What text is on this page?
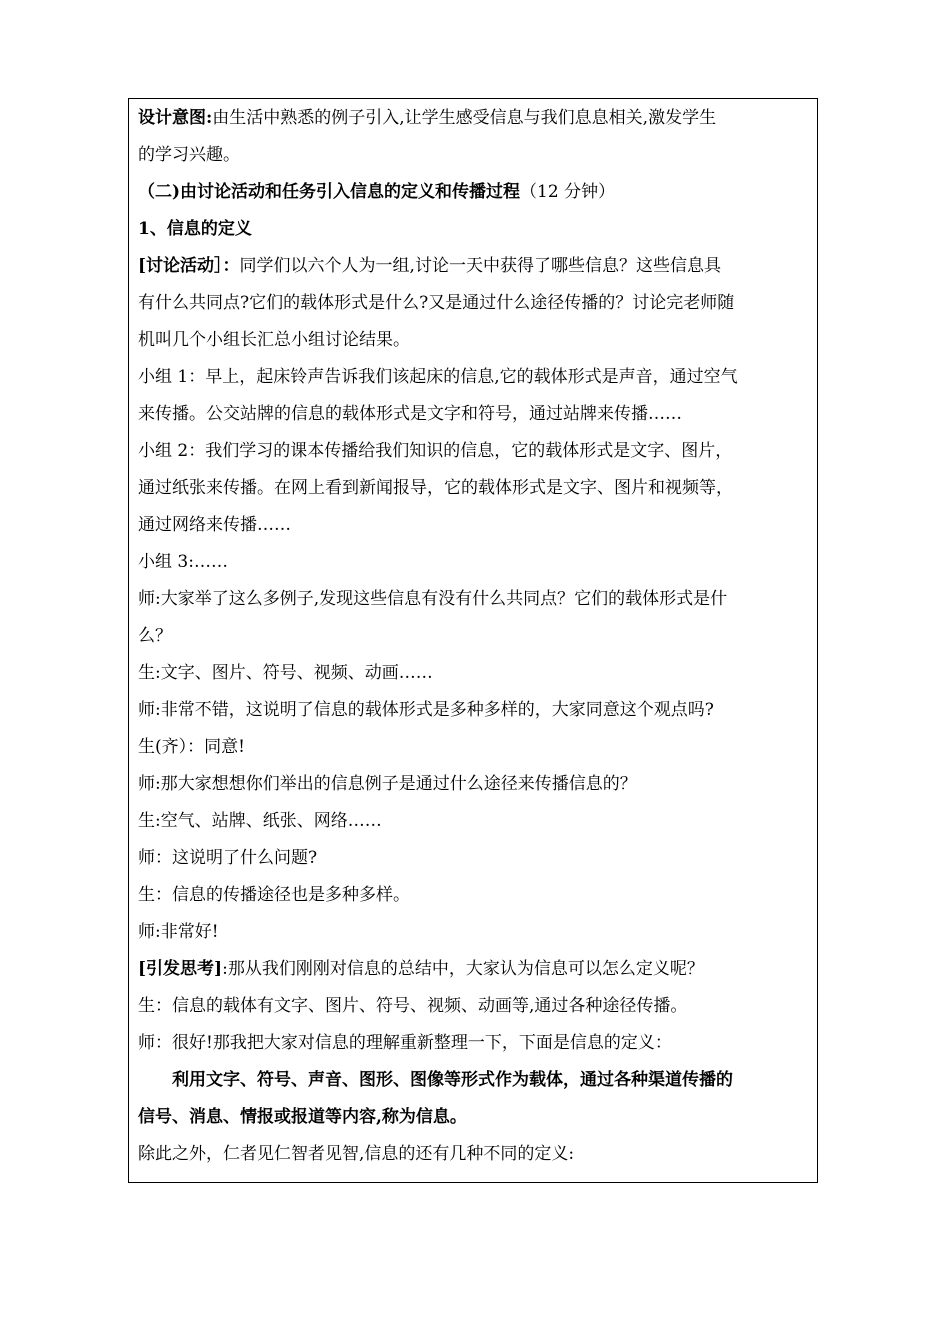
设计意图:由生活中熟悉的例子引入,让学生感受信息与我们息息相关,激发学生
的学习兴趣。
（二)由讨论活动和任务引入信息的定义和传播过程（12 分钟）
1、信息的定义
[讨论活动］：同学们以六个人为一组,讨论一天中获得了哪些信息？这些信息具
有什么共同点?它们的载体形式是什么?又是通过什么途径传播的？讨论完老师随
机叫几个小组长汇总小组讨论结果。
小组 1：早上，起床铃声告诉我们该起床的信息,它的载体形式是声音，通过空气
来传播。公交站牌的信息的载体形式是文字和符号，通过站牌来传播……
小组 2：我们学习的课本传播给我们知识的信息，它的载体形式是文字、图片，
通过纸张来传播。在网上看到新闻报导，它的载体形式是文字、图片和视频等，
通过网络来传播……
小组 3:……
师:大家举了这么多例子,发现这些信息有没有什么共同点？它们的载体形式是什
么？
生:文字、图片、符号、视频、动画……
师:非常不错，这说明了信息的载体形式是多种多样的，大家同意这个观点吗?
生(齐）：同意!
师:那大家想想你们举出的信息例子是通过什么途径来传播信息的？
生:空气、站牌、纸张、网络……
师：这说明了什么问题?
生：信息的传播途径也是多种多样。
师:非常好!
[引发思考]:那从我们刚刚对信息的总结中，大家认为信息可以怎么定义呢？
生：信息的载体有文字、图片、符号、视频、动画等,通过各种途径传播。
师：很好!那我把大家对信息的理解重新整理一下，下面是信息的定义：
利用文字、符号、声音、图形、图像等形式作为载体，通过各种渠道传播的
信号、消息、情报或报道等内容,称为信息。
除此之外，仁者见仁智者见智,信息的还有几种不同的定义:
